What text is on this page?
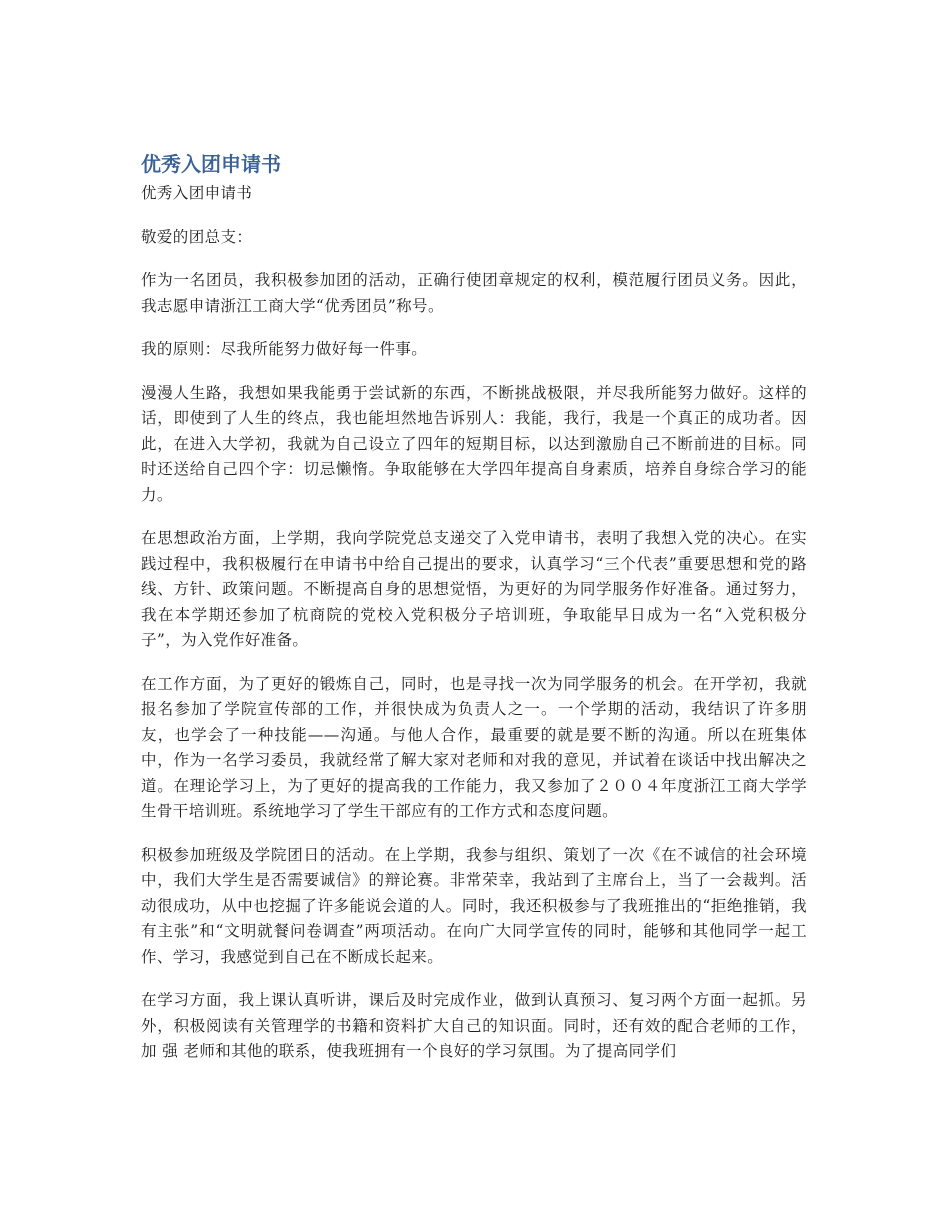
优秀入团申请书

优秀入团申请书

敬爱的团总支：

作为一名团员，我积极参加团的活动，正确行使团章规定的权利，模范履行团员义务。因此，我志愿申请浙江工商大学“优秀团员”称号。

我的原则：尽我所能努力做好每一件事。

漫漫人生路，我想如果我能勇于尝试新的东西，不断挑战极限，并尽我所能努力做好。这样的话，即使到了人生的终点，我也能坦然地告诉别人：我能，我行，我是一个真正的成功者。因此，在进入大学初，我就为自己设立了四年的短期目标，以达到激励自己不断前进的目标。同时还送给自己四个字：切忌懒惰。争取能够在大学四年提高自身素质，培养自身综合学习的能力。

在思想政治方面，上学期，我向学院党总支递交了入党申请书，表明了我想入党的决心。在实践过程中，我积极履行在申请书中给自己提出的要求，认真学习“三个代表”重要思想和党的路线、方针、政策问题。不断提高自身的思想觉悟，为更好的为同学服务作好准备。通过努力，我在本学期还参加了杭商院的党校入党积极分子培训班，争取能早日成为一名“入党积极分子”，为入党作好准备。

在工作方面，为了更好的锻炼自己，同时，也是寻找一次为同学服务的机会。在开学初，我就报名参加了学院宣传部的工作，并很快成为负责人之一。一个学期的活动，我结识了许多朋友，也学会了一种技能——沟通。与他人合作，最重要的就是要不断的沟通。所以在班集体中，作为一名学习委员，我就经常了解大家对老师和对我的意见，并试着在谈话中找出解决之道。在理论学习上，为了更好的提高我的工作能力，我又参加了２００４年度浙江工商大学学生骨干培训班。系统地学习了学生干部应有的工作方式和态度问题。

积极参加班级及学院团日的活动。在上学期，我参与组织、策划了一次《在不诚信的社会环境中，我们大学生是否需要诚信》的辩论赛。非常荣幸，我站到了主席台上，当了一会裁判。活动很成功，从中也挖掘了许多能说会道的人。同时，我还积极参与了我班推出的“拒绝推销，我有主张”和“文明就餐问卷调查”两项活动。在向广大同学宣传的同时，能够和其他同学一起工作、学习，我感觉到自己在不断成长起来。

在学习方面，我上课认真听讲，课后及时完成作业，做到认真预习、复习两个方面一起抓。另外，积极阅读有关管理学的书籍和资料扩大自己的知识面。同时，还有效的配合老师的工作，加 强 老师和其他的联系，使我班拥有一个良好的学习氛围。为了提高同学们
